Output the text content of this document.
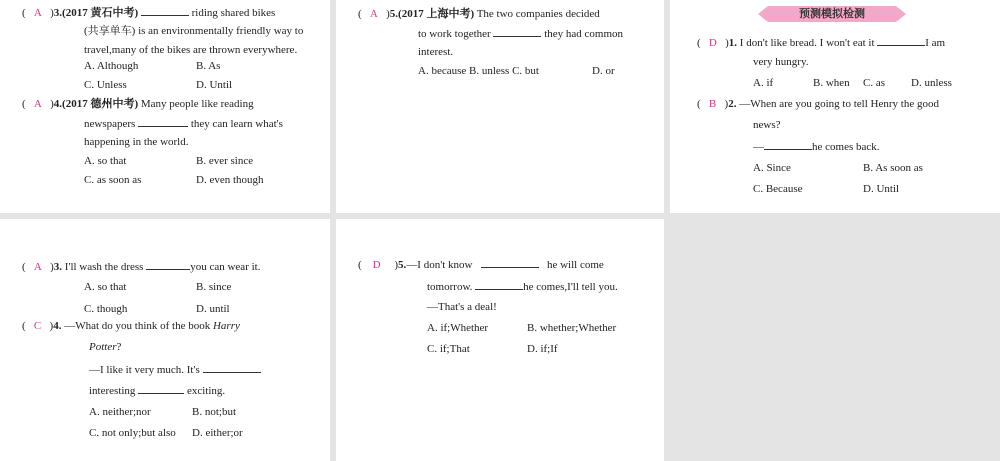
(   A   )3.(2017 黄石中考)	riding shared bikes
(共享单车) is an environmentally friendly way to
travel,many of the bikes are thrown everywhere.
A. Although	B. As
C. Unless	D. Until
(   A   )4.(2017 德州中考) Many people like reading
newspapers	they can learn what's
happening in the world.
A. so that	B. ever since
C. as soon as	D. even though
(   A   )5.(2017 上海中考) The two companies decided
to work together	they had common
interest.
A. because B. unless C. but	D. or
预测模拟检测
(   D   )1. I don't like bread. I won't eat it	I am
very hungry.
A. if	B. when C. as D. unless
(   B   )2. —When are you going to tell Henry the good
news?
—	he comes back.
A. Since	B. As soon as
C. Because	D. Until
(   A   )3. I'll wash the dress	you can wear it.
A. so that	B. since
C. though	D. until
(   C   )4. —What do you think of the book Harry
Potter?
—I like it very much. It's
interesting	exciting.
A. neither;nor	B. not;but
C. not only;but also D. either;or
(    D     )5.—I don't know	he will come
tomorrow.	he comes,I'll tell you.
—That's a deal!
A. if;Whether	B. whether;Whether
C. if;That	D. if;If
